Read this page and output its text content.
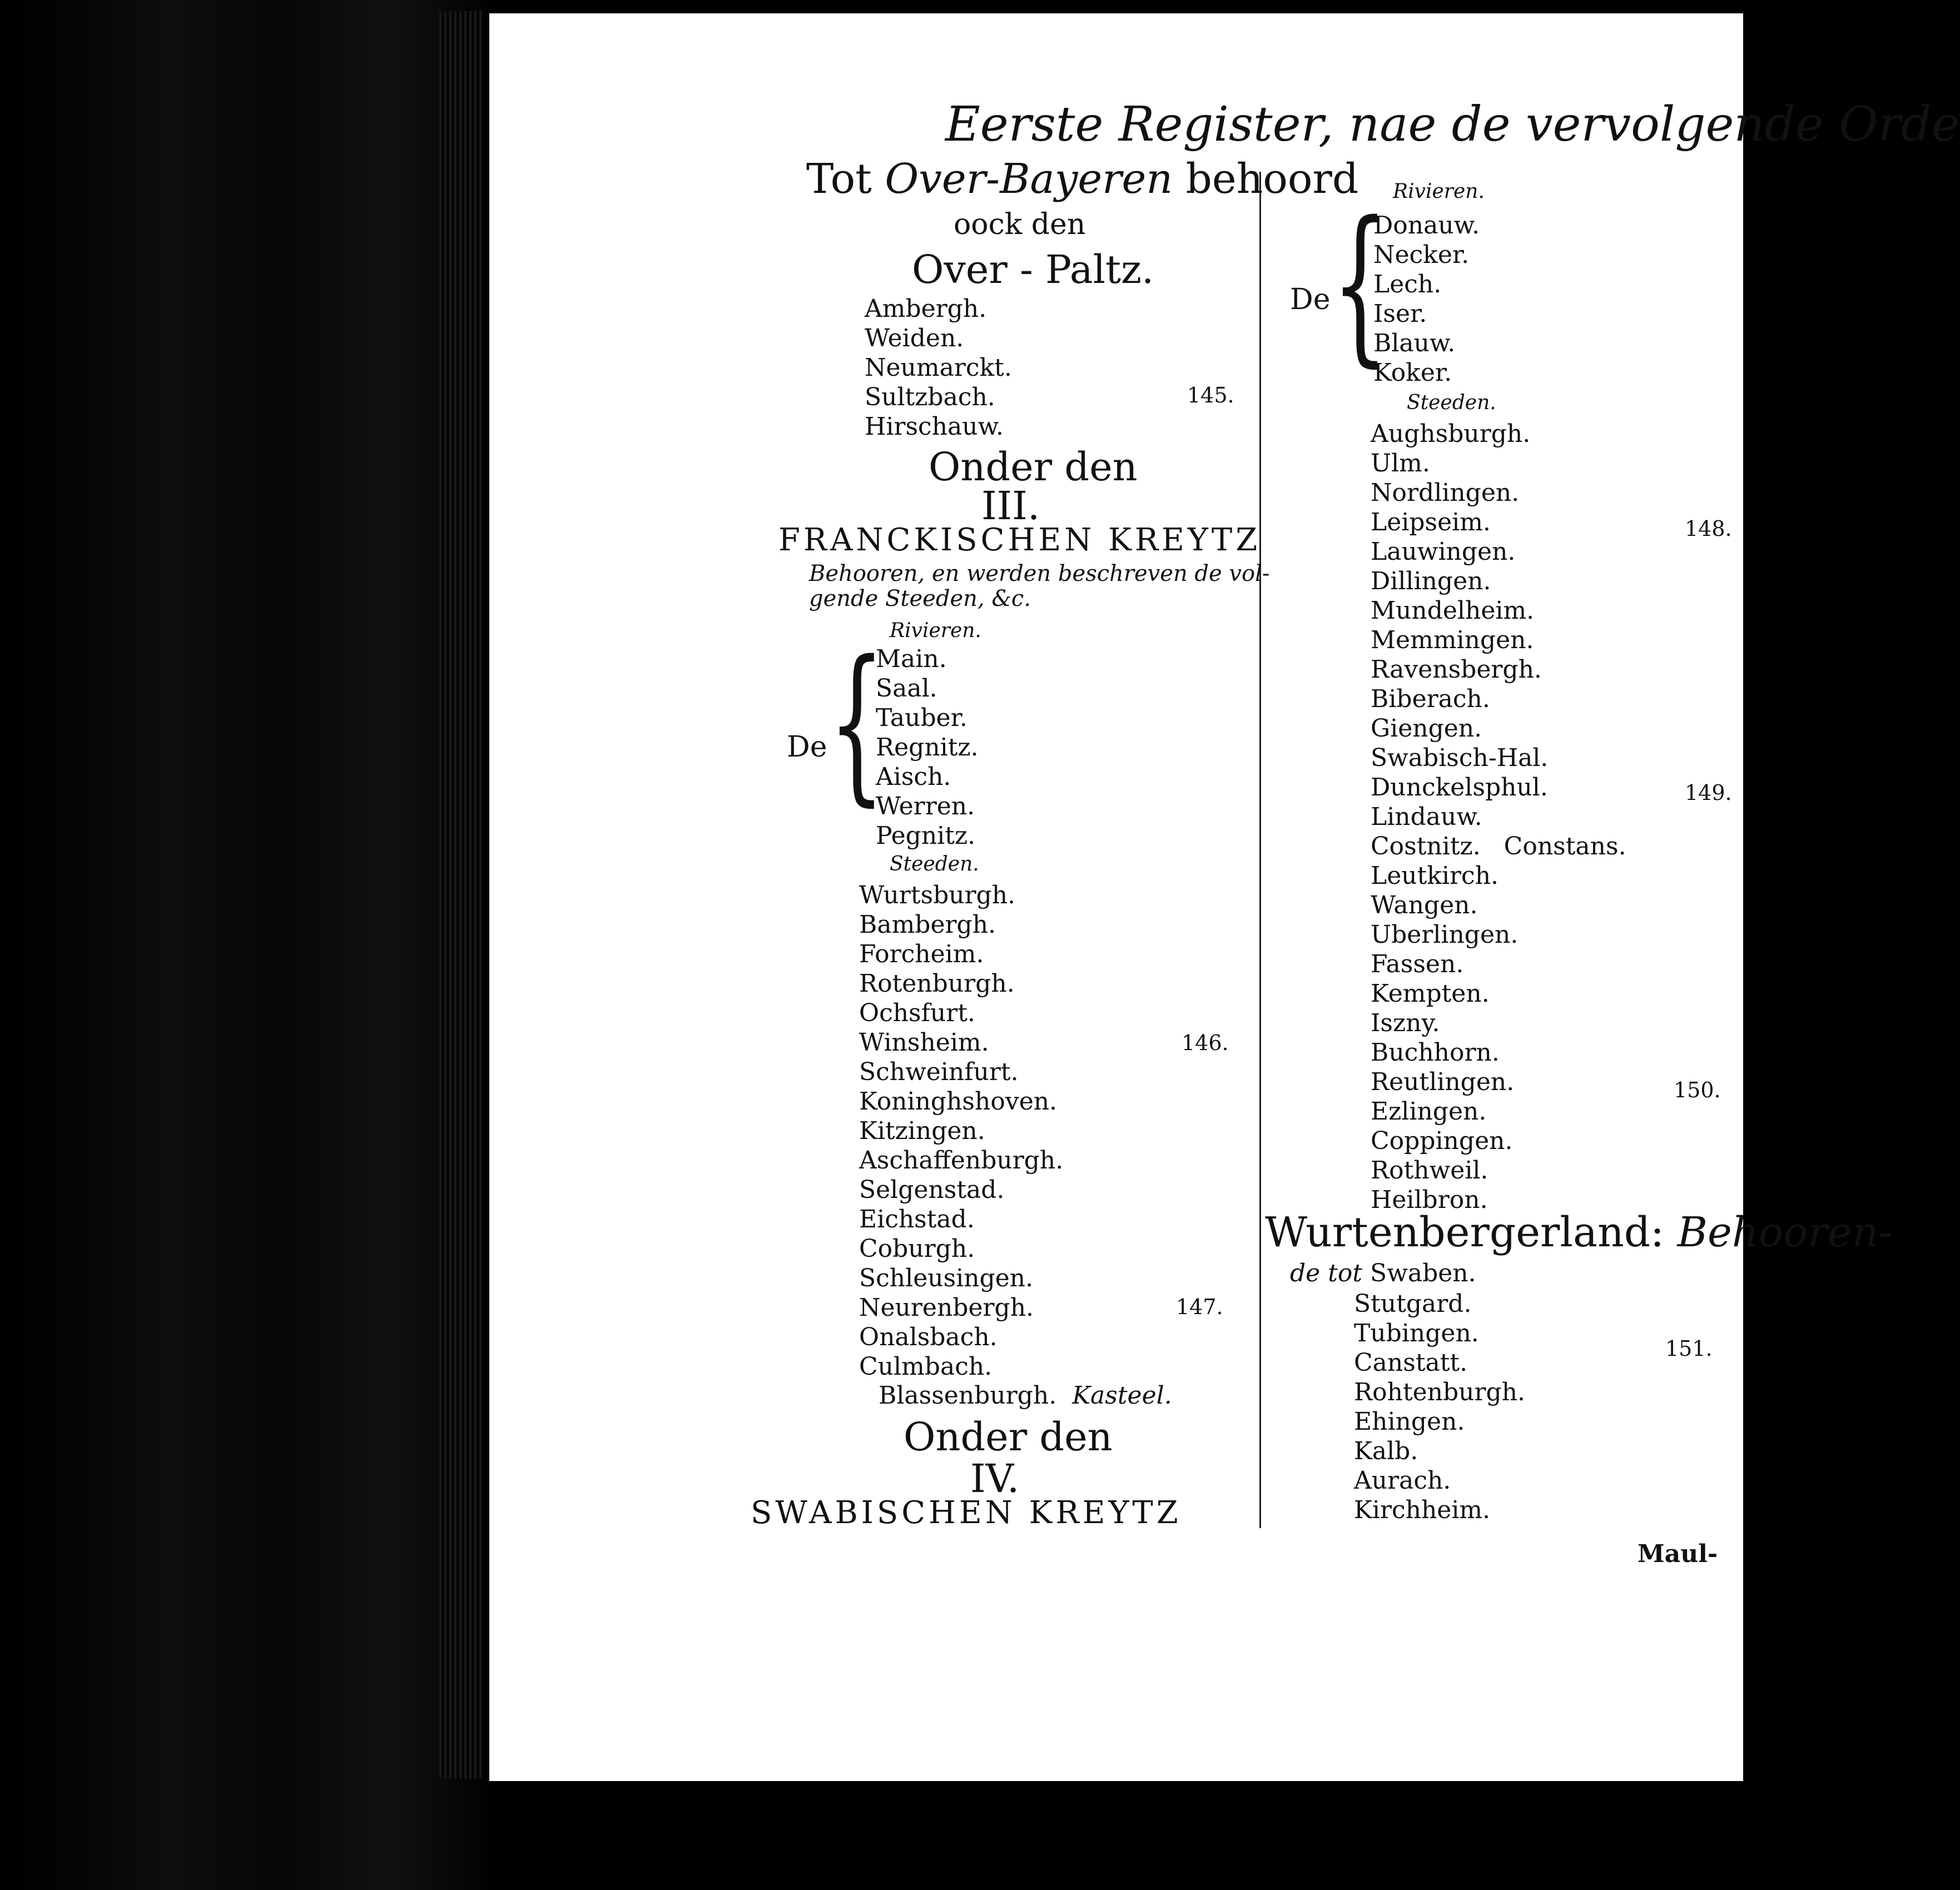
Eerste Register, nae de vervolgende Orde
Tot Over-Bayeren behoord
oock den
Over - Paltz.
Ambergh.
Weiden.
Neumarckt.
Sultzbach.
Hirschauw.
145.
Onder den
III.
FRANCKISCHEN KREYTZ
Behooren, en werden beschreven de vol-
gende Steeden, &c.
Rivieren.
De {
Main.
Saal.
Tauber.
Regnitz.
Aisch.
Werren.
Pegnitz.
Steeden.
Wurtsburgh.
Bambergh.
Forcheim.
Rotenburgh.
Ochsfurt.
Winsheim.
Schweinfurt.
Koninghshoven.
Kitzingen.
Aschaffenburgh.
Selgenstad.
Eichstad.
Coburgh.
Schleusingen.
Neurenbergh.
Onalsbach.
Culmbach.
146.
147.
Blassenburgh. Kasteel.
Onder den
IV.
SWABISCHEN KREYTZ
Rivieren.
De {
Donauw.
Necker.
Lech.
Iser.
Blauw.
Koker.
Steeden.
Aughsburgh.
Ulm.
Nordlingen.
Leipseim.
Lauwingen.
Dillingen.
Mundelheim.
Memmingen.
Ravensbergh.
Biberach.
Giengen.
Swabisch-Hal.
Dunckelsphul.
Lindauw.
Costnitz. Constans.
Leutkirch.
Wangen.
Uberlingen.
Fassen.
Kempten.
Iszny.
Buchhorn.
Reutlingen.
Ezlingen.
Coppingen.
Rothweil.
Heilbron.
148.
149.
150.
Wurtenbergerland: Behooren-
de tot Swaben.
Stutgard.
Tubingen.
Canstatt.
Rohtenburgh.
Ehingen.
Kalb.
Aurach.
Kirchheim.
151.
Maul-
